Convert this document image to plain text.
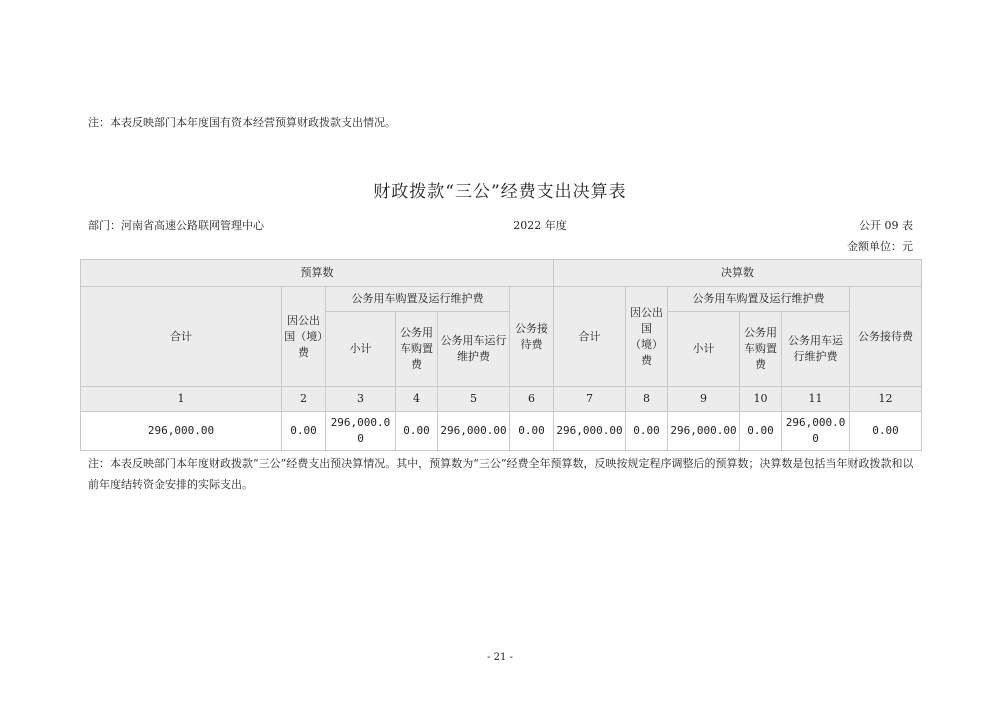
注：本表反映部门本年度国有资本经营预算财政拨款支出情况。
财政拨款“三公”经费支出决算表
部门：河南省高速公路联网管理中心	2022 年度	公开 09 表
金额单位：元
预算数						决算数					
合计	因公出国（境）费	公务用车购置及运行维护费			公务接待费	合计	因公出国（境）费	公务用车购置及运行维护费			公务接待费
		小计	公务用车购置费	公务用车运行维护费				小计	公务用车购置费	公务用车运行维护费	
1	2	3	4	5	6	7	8	9	10	11	12
296,000.00	0.00	296,000.00	0.00	296,000.00	0.00	296,000.00	0.00	296,000.00	0.00	296,000.00	0.00
注：本表反映部门本年度财政拨款“三公”经费支出预决算情况。其中，预算数为“三公”经费全年预算数，反映按规定程序调整后的预算数；决算数是包括当年财政拨款和以前年度结转资金安排的实际支出。
- 21 -
